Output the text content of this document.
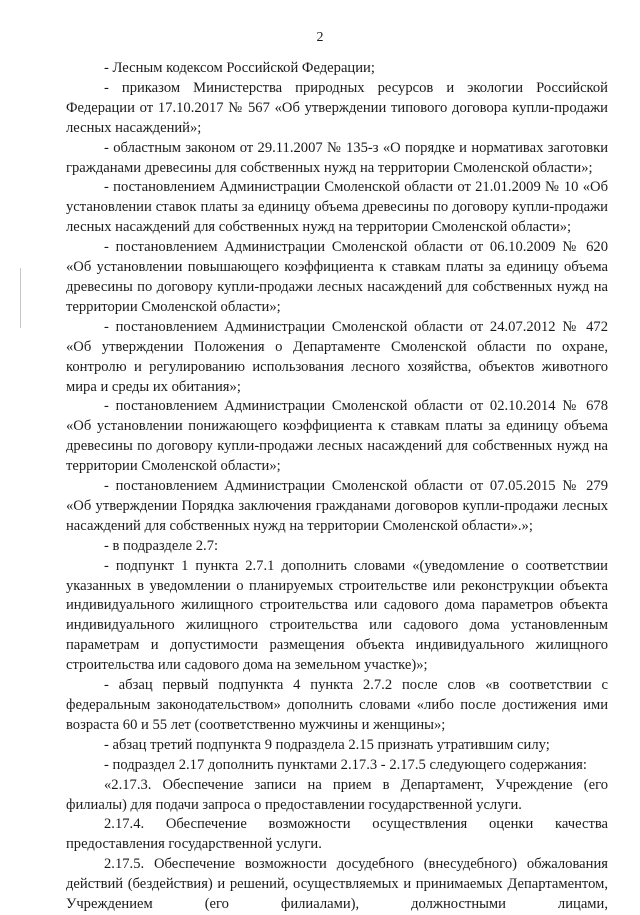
2

- Лесным кодексом Российской Федерации;

- приказом Министерства природных ресурсов и экологии Российской Федерации от 17.10.2017 № 567 «Об утверждении типового договора купли-продажи лесных насаждений»;

- областным законом от 29.11.2007 № 135-з «О порядке и нормативах заготовки гражданами древесины для собственных нужд на территории Смоленской области»;

- постановлением Администрации Смоленской области от 21.01.2009 № 10 «Об установлении ставок платы за единицу объема древесины по договору купли-продажи лесных насаждений для собственных нужд на территории Смоленской области»;

- постановлением Администрации Смоленской области от 06.10.2009 № 620 «Об установлении повышающего коэффициента к ставкам платы за единицу объема древесины по договору купли-продажи лесных насаждений для собственных нужд на территории Смоленской области»;

- постановлением Администрации Смоленской области от 24.07.2012 № 472 «Об утверждении Положения о Департаменте Смоленской области по охране, контролю и регулированию использования лесного хозяйства, объектов животного мира и среды их обитания»;

- постановлением Администрации Смоленской области от 02.10.2014 № 678 «Об установлении понижающего коэффициента к ставкам платы за единицу объема древесины по договору купли-продажи лесных насаждений для собственных нужд на территории Смоленской области»;

- постановлением Администрации Смоленской области от 07.05.2015 № 279 «Об утверждении Порядка заключения гражданами договоров купли-продажи лесных насаждений для собственных нужд на территории Смоленской области».»;

- в подразделе 2.7:

- подпункт 1 пункта 2.7.1 дополнить словами «(уведомление о соответствии указанных в уведомлении о планируемых строительстве или реконструкции объекта индивидуального жилищного строительства или садового дома параметров объекта индивидуального жилищного строительства или садового дома установленным параметрам и допустимости размещения объекта индивидуального жилищного строительства или садового дома на земельном участке)»;

- абзац первый подпункта 4 пункта 2.7.2 после слов «в соответствии с федеральным законодательством» дополнить словами «либо после достижения ими возраста 60 и 55 лет (соответственно мужчины и женщины»;

- абзац третий подпункта 9 подраздела 2.15 признать утратившим силу;

- подраздел 2.17 дополнить пунктами 2.17.3 - 2.17.5 следующего содержания:

«2.17.3. Обеспечение записи на прием в Департамент, Учреждение (его филиалы) для подачи запроса о предоставлении государственной услуги.

2.17.4. Обеспечение возможности осуществления оценки качества предоставления государственной услуги.

2.17.5. Обеспечение возможности досудебного (внесудебного) обжалования действий (бездействия) и решений, осуществляемых и принимаемых Департаментом, Учреждением (его филиалами), должностными лицами,
